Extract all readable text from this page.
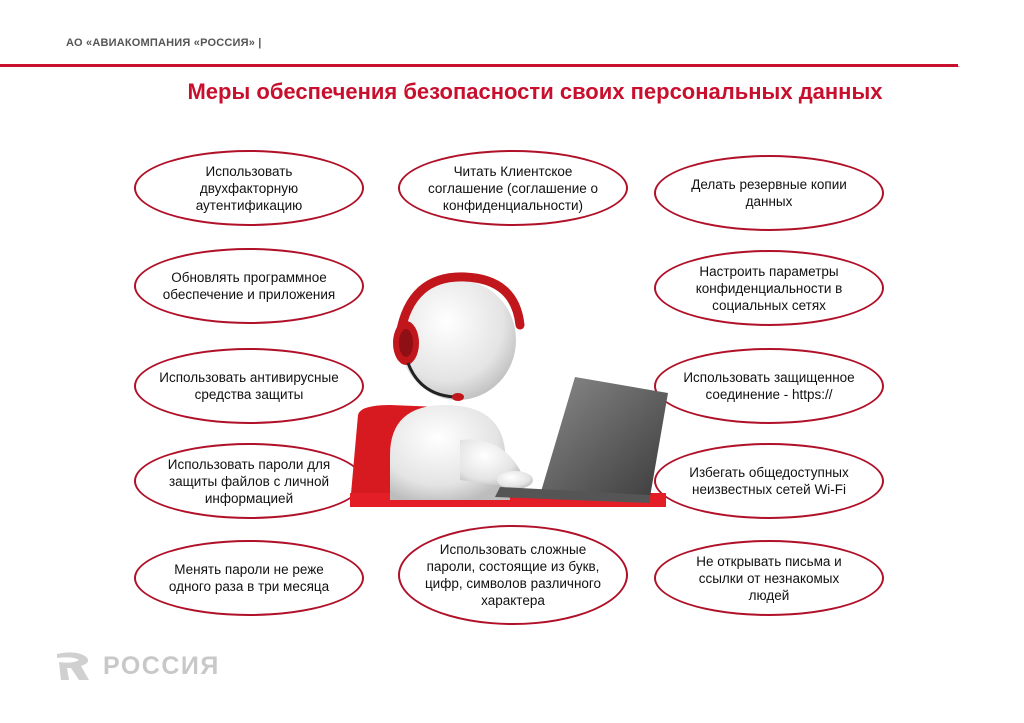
АО «АВИАКОМПАНИЯ «РОССИЯ» |
Меры обеспечения безопасности своих персональных данных
Использовать двухфакторную аутентификацию
Обновлять программное обеспечение и приложения
Использовать антивирусные средства защиты
Использовать пароли для защиты файлов с личной информацией
Менять пароли не реже одного раза в три месяца
Читать Клиентское соглашение (соглашение о конфиденциальности)
Использовать сложные пароли, состоящие из букв, цифр, символов различного характера
Делать резервные копии данных
Настроить параметры конфиденциальности в социальных сетях
Использовать защищенное соединение - https://
Избегать общедоступных неизвестных сетей Wi-Fi
Не открывать письма и ссылки от незнакомых людей
РОССИЯ
